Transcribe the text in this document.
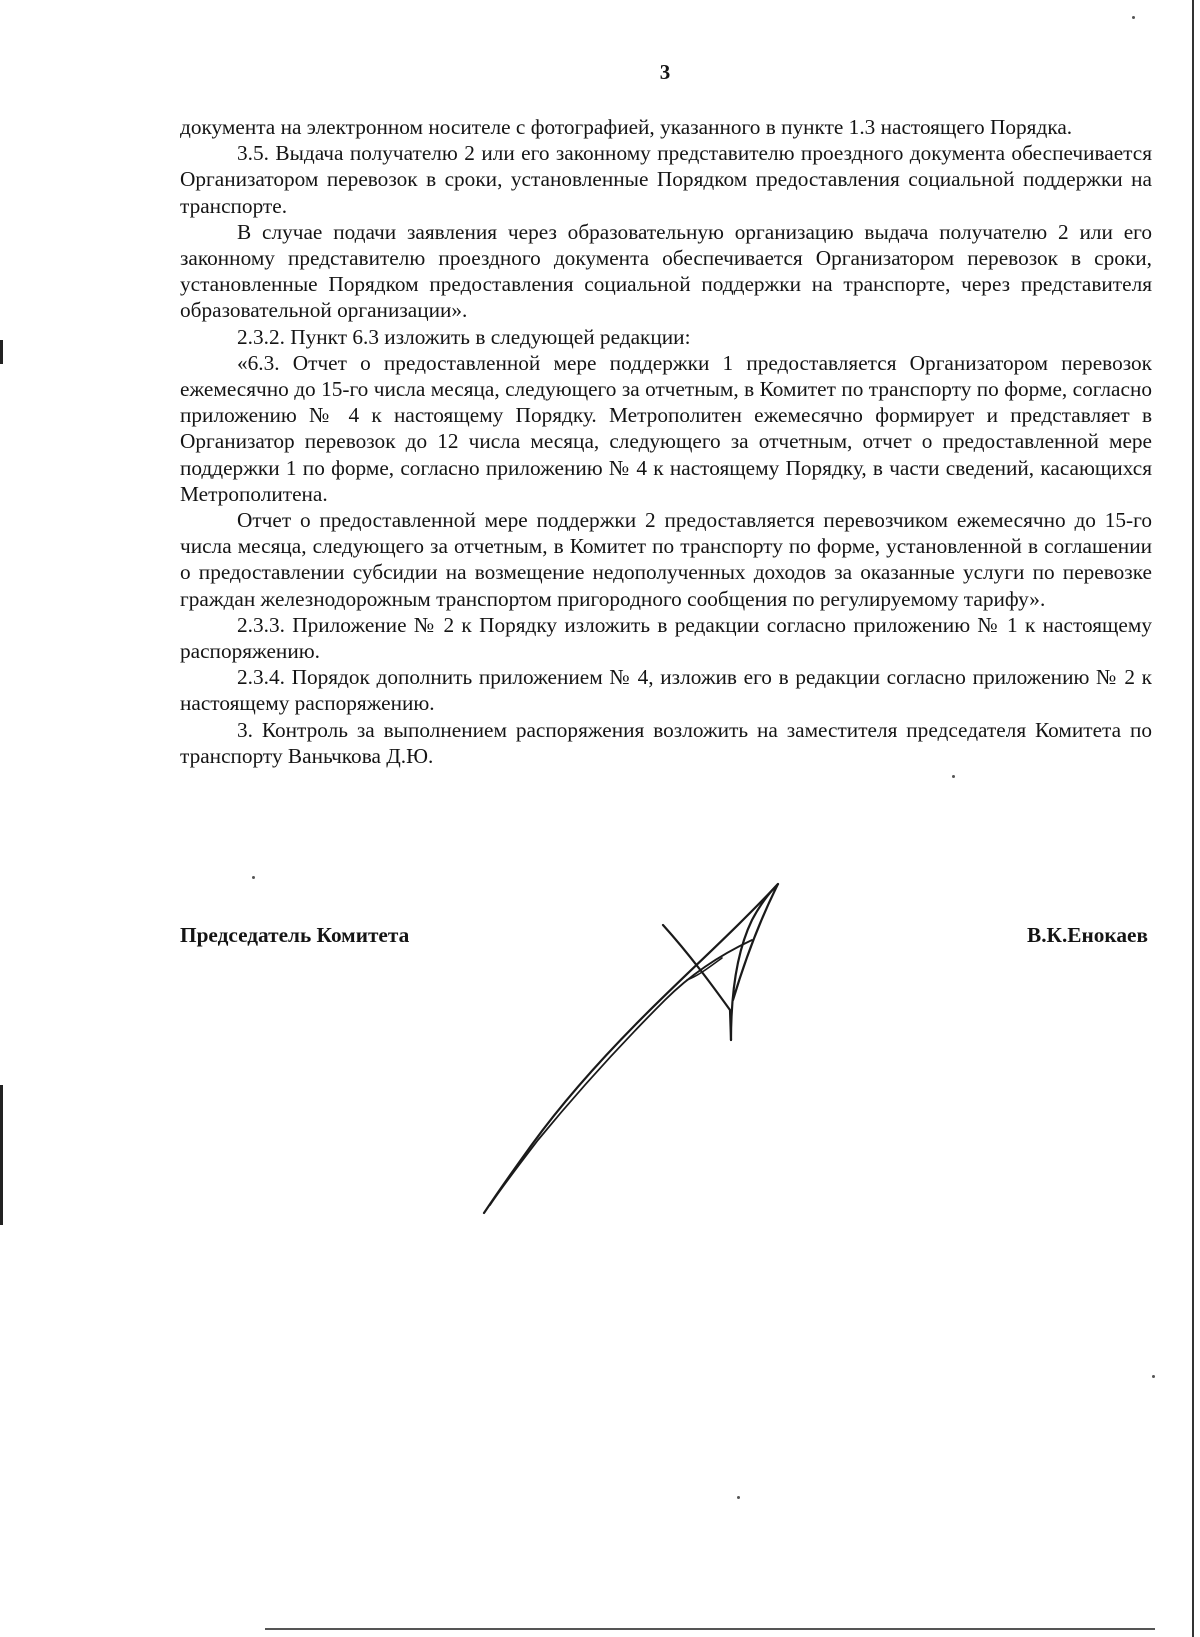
3

документа на электронном носителе с фотографией, указанного в пункте 1.3 настоящего Порядка.

3.5. Выдача получателю 2 или его законному представителю проездного документа обеспечивается Организатором перевозок в сроки, установленные Порядком предоставления социальной поддержки на транспорте.

В случае подачи заявления через образовательную организацию выдача получателю 2 или его законному представителю проездного документа обеспечивается Организатором перевозок в сроки, установленные Порядком предоставления социальной поддержки на транспорте, через представителя образовательной организации».

2.3.2. Пункт 6.3 изложить в следующей редакции:

«6.3. Отчет о предоставленной мере поддержки 1 предоставляется Организатором перевозок ежемесячно до 15-го числа месяца, следующего за отчетным, в Комитет по транспорту по форме, согласно приложению № 4 к настоящему Порядку. Метрополитен ежемесячно формирует и представляет в Организатор перевозок до 12 числа месяца, следующего за отчетным, отчет о предоставленной мере поддержки 1 по форме, согласно приложению № 4 к настоящему Порядку, в части сведений, касающихся Метрополитена.

Отчет о предоставленной мере поддержки 2 предоставляется перевозчиком ежемесячно до 15-го числа месяца, следующего за отчетным, в Комитет по транспорту по форме, установленной в соглашении о предоставлении субсидии на возмещение недополученных доходов за оказанные услуги по перевозке граждан железнодорожным транспортом пригородного сообщения по регулируемому тарифу».

2.3.3. Приложение № 2 к Порядку изложить в редакции согласно приложению № 1 к настоящему распоряжению.

2.3.4. Порядок дополнить приложением № 4, изложив его в редакции согласно приложению № 2 к настоящему распоряжению.

3. Контроль за выполнением распоряжения возложить на заместителя председателя Комитета по транспорту Ваньчкова Д.Ю.

Председатель Комитета	В.К.Енокаев
